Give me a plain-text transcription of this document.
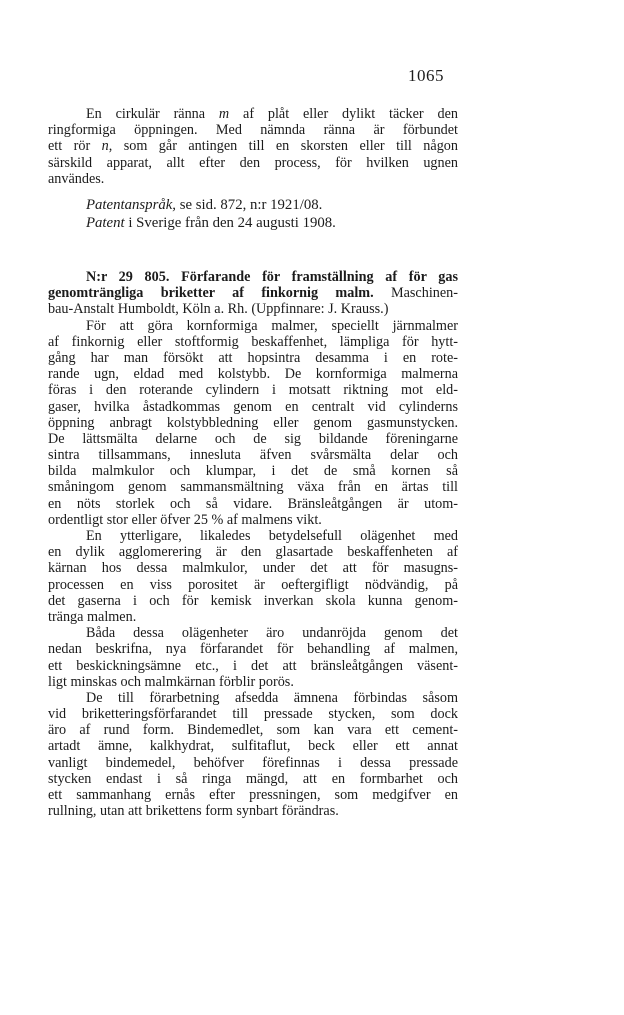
1065
En cirkulär ränna m af plåt eller dylikt täcker den
ringformiga öppningen. Med nämnda ränna är förbundet
ett rör n, som går antingen till en skorsten eller till någon
särskild apparat, allt efter den process, för hvilken ugnen
användes.
Patentanspråk, se sid. 872, n:r 1921/08.
Patent i Sverige från den 24 augusti 1908.
N:r 29 805. Förfarande för framställning af för gas
genomträngliga briketter af finkornig malm. Maschinen-
bau-Anstalt Humboldt, Köln a. Rh. (Uppfinnare: J. Krauss.)
För att göra kornformiga malmer, speciellt järnmalmer
af finkornig eller stoftformig beskaffenhet, lämpliga för hytt-
gång har man försökt att hopsintra desamma i en rote-
rande ugn, eldad med kolstybb. De kornformiga malmerna
föras i den roterande cylindern i motsatt riktning mot eld-
gaser, hvilka åstadkommas genom en centralt vid cylinderns
öppning anbragt kolstybbledning eller genom gasmunstycken.
De lättsmälta delarne och de sig bildande föreningarne
sintra tillsammans, innesluta äfven svårsmälta delar och
bilda malmkulor och klumpar, i det de små kornen så
småningom genom sammansmältning växa från en ärtas till
en nöts storlek och så vidare. Bränsleåtgången är utom-
ordentligt stor eller öfver 25 % af malmens vikt.
En ytterligare, likaledes betydelsefull olägenhet med
en dylik agglomerering är den glasartade beskaffenheten af
kärnan hos dessa malmkulor, under det att för masugns-
processen en viss porositet är oeftergifligt nödvändig, på
det gaserna i och för kemisk inverkan skola kunna genom-
tränga malmen.
Båda dessa olägenheter äro undanröjda genom det
nedan beskrifna, nya förfarandet för behandling af malmen,
ett beskickningsämne etc., i det att bränsleåtgången väsent-
ligt minskas och malmkärnan förblir porös.
De till förarbetning afsedda ämnena förbindas såsom
vid briketteringsförfarandet till pressade stycken, som dock
äro af rund form. Bindemedlet, som kan vara ett cement-
artadt ämne, kalkhydrat, sulfitaflut, beck eller ett annat
vanligt bindemedel, behöfver förefinnas i dessa pressade
stycken endast i så ringa mängd, att en formbarhet och
ett sammanhang ernås efter pressningen, som medgifver en
rullning, utan att brikettens form synbart förändras.
